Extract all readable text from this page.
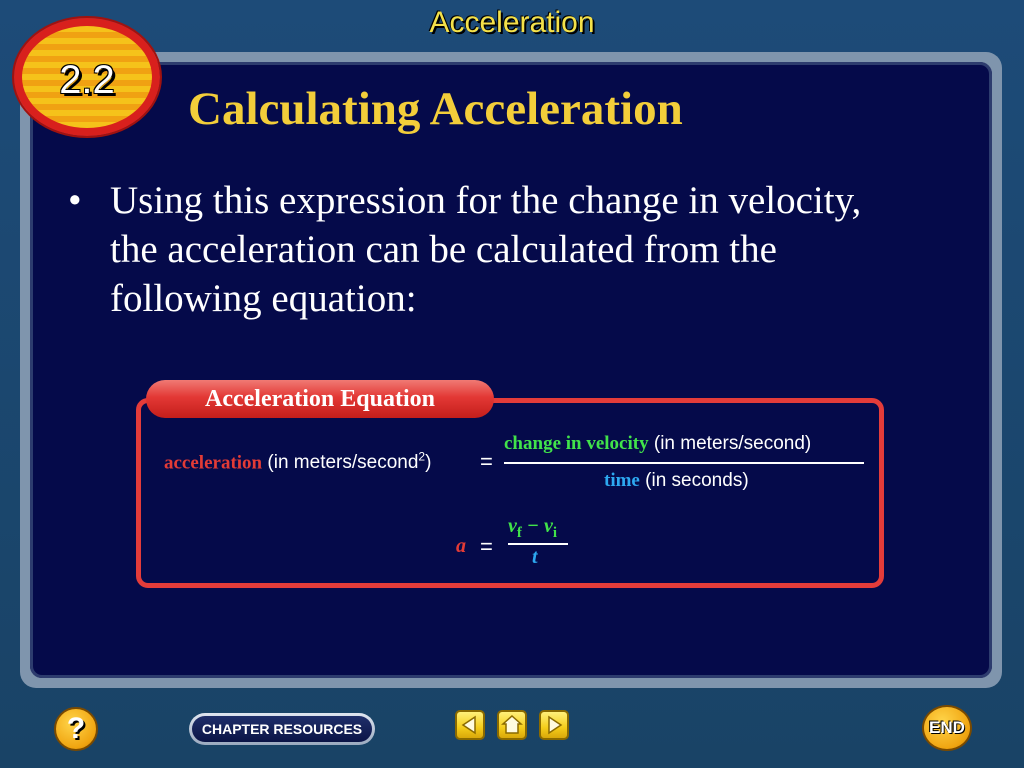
Acceleration
2.2
Calculating Acceleration
• Using this expression for the change in velocity, the acceleration can be calculated from the following equation:
Acceleration Equation
acceleration (in meters/second$^2$) =
change in velocity (in meters/second)
time (in seconds)
a =
$v_f - v_i$
t
?	CHAPTER RESOURCES	END
